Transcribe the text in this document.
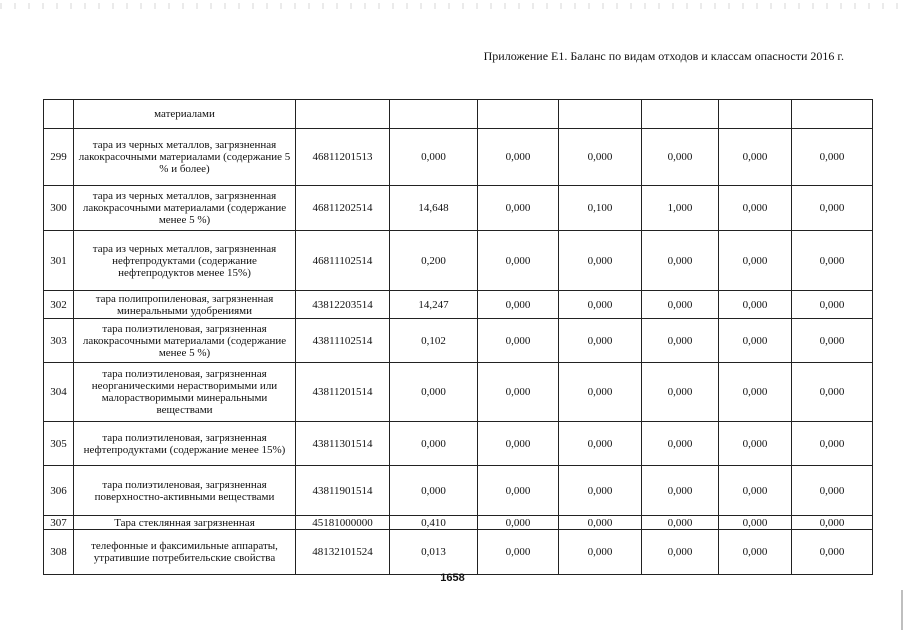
Приложение Е1. Баланс по видам отходов и классам опасности 2016 г.
	материалами							
299	тара из черных металлов, загрязненная лакокрасочными материалами (содержание 5 % и более)	46811201513	0,000	0,000	0,000	0,000	0,000	0,000
300	тара из черных металлов, загрязненная лакокрасочными материалами (содержание менее 5 %)	46811202514	14,648	0,000	0,100	1,000	0,000	0,000
301	тара из черных металлов, загрязненная нефтепродуктами (содержание нефтепродуктов менее 15%)	46811102514	0,200	0,000	0,000	0,000	0,000	0,000
302	тара полипропиленовая, загрязненная минеральными удобрениями	43812203514	14,247	0,000	0,000	0,000	0,000	0,000
303	тара полиэтиленовая, загрязненная лакокрасочными материалами (содержание менее 5 %)	43811102514	0,102	0,000	0,000	0,000	0,000	0,000
304	тара полиэтиленовая, загрязненная неорганическими нерастворимыми или малорастворимыми минеральными веществами	43811201514	0,000	0,000	0,000	0,000	0,000	0,000
305	тара полиэтиленовая, загрязненная нефтепродуктами (содержание менее 15%)	43811301514	0,000	0,000	0,000	0,000	0,000	0,000
306	тара полиэтиленовая, загрязненная поверхностно-активными веществами	43811901514	0,000	0,000	0,000	0,000	0,000	0,000
307	Тара стеклянная загрязненная	45181000000	0,410	0,000	0,000	0,000	0,000	0,000
308	телефонные и факсимильные аппараты, утратившие потребительские свойства	48132101524	0,013	0,000	0,000	0,000	0,000	0,000
1658
